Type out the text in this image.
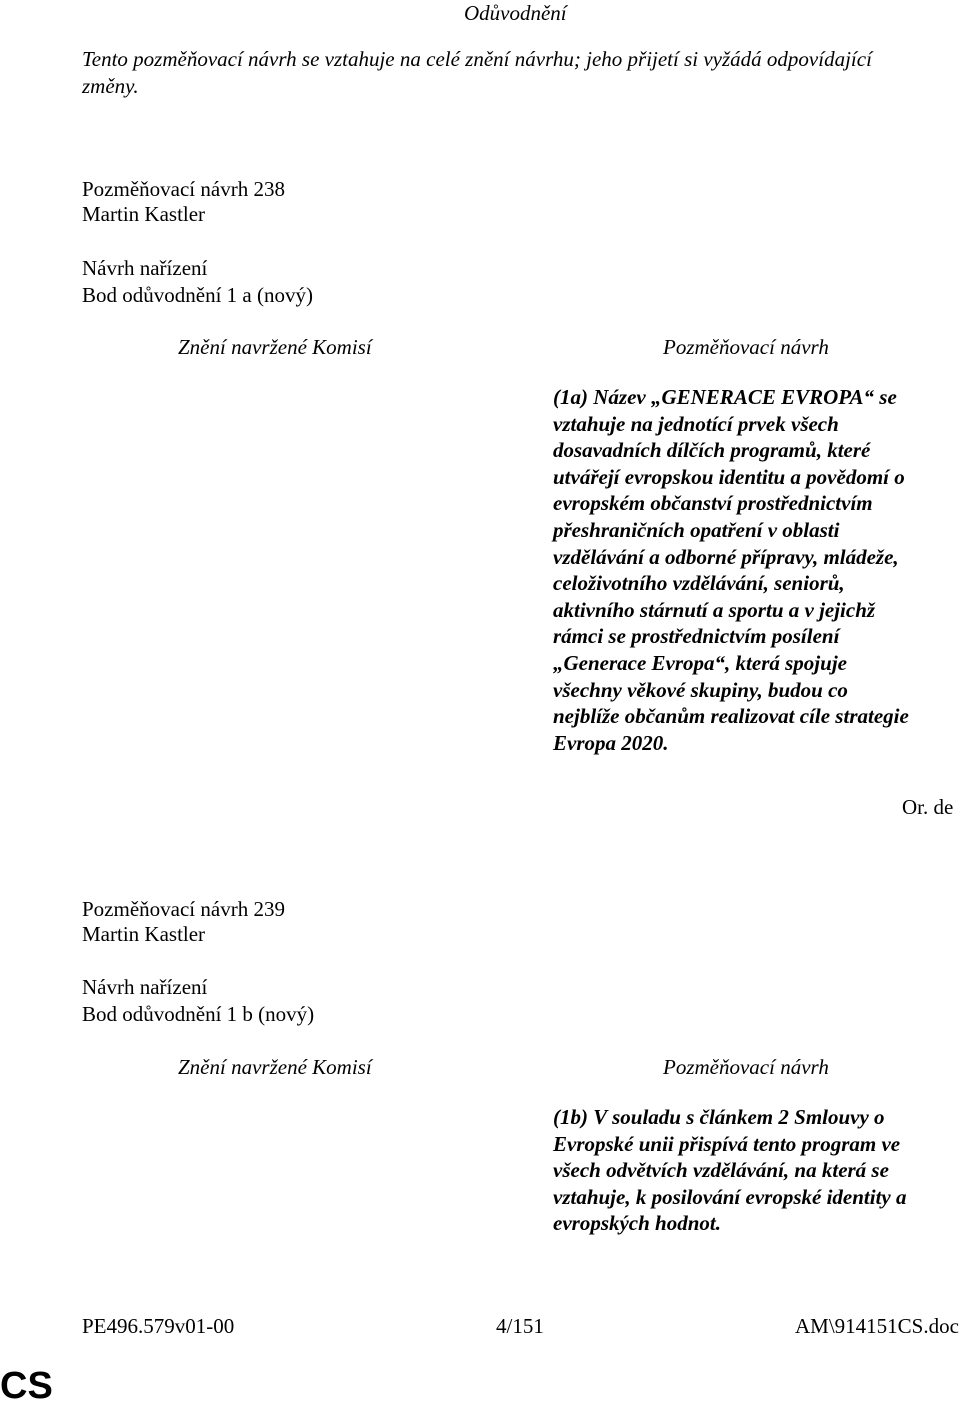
Odůvodnění
Tento pozměňovací návrh se vztahuje na celé znění návrhu; jeho přijetí si vyžádá odpovídající
změny.
Pozměňovací návrh 238
Martin Kastler
Návrh nařízení
Bod odůvodnění 1 a (nový)
Znění navržené Komisí	Pozměňovací návrh
(1a) Název „GENERACE EVROPA“ se
vztahuje na jednotící prvek všech
dosavadních dílčích programů, které
utvářejí evropskou identitu a povědomí o
evropském občanství prostřednictvím
přeshraničních opatření v oblasti
vzdělávání a odborné přípravy, mládeže,
celoživotního vzdělávání, seniorů,
aktivního stárnutí a sportu a v jejichž
rámci se prostřednictvím posílení
„Generace Evropa“, která spojuje
všechny věkové skupiny, budou co
nejblíže občanům realizovat cíle strategie
Evropa 2020.
Or. de
Pozměňovací návrh 239
Martin Kastler
Návrh nařízení
Bod odůvodnění 1 b (nový)
Znění navržené Komisí	Pozměňovací návrh
(1b) V souladu s článkem 2 Smlouvy o
Evropské unii přispívá tento program ve
všech odvětvích vzdělávání, na která se
vztahuje, k posilování evropské identity a
evropských hodnot.
PE496.579v01-00	4/151	AM\914151CS.doc
CS
